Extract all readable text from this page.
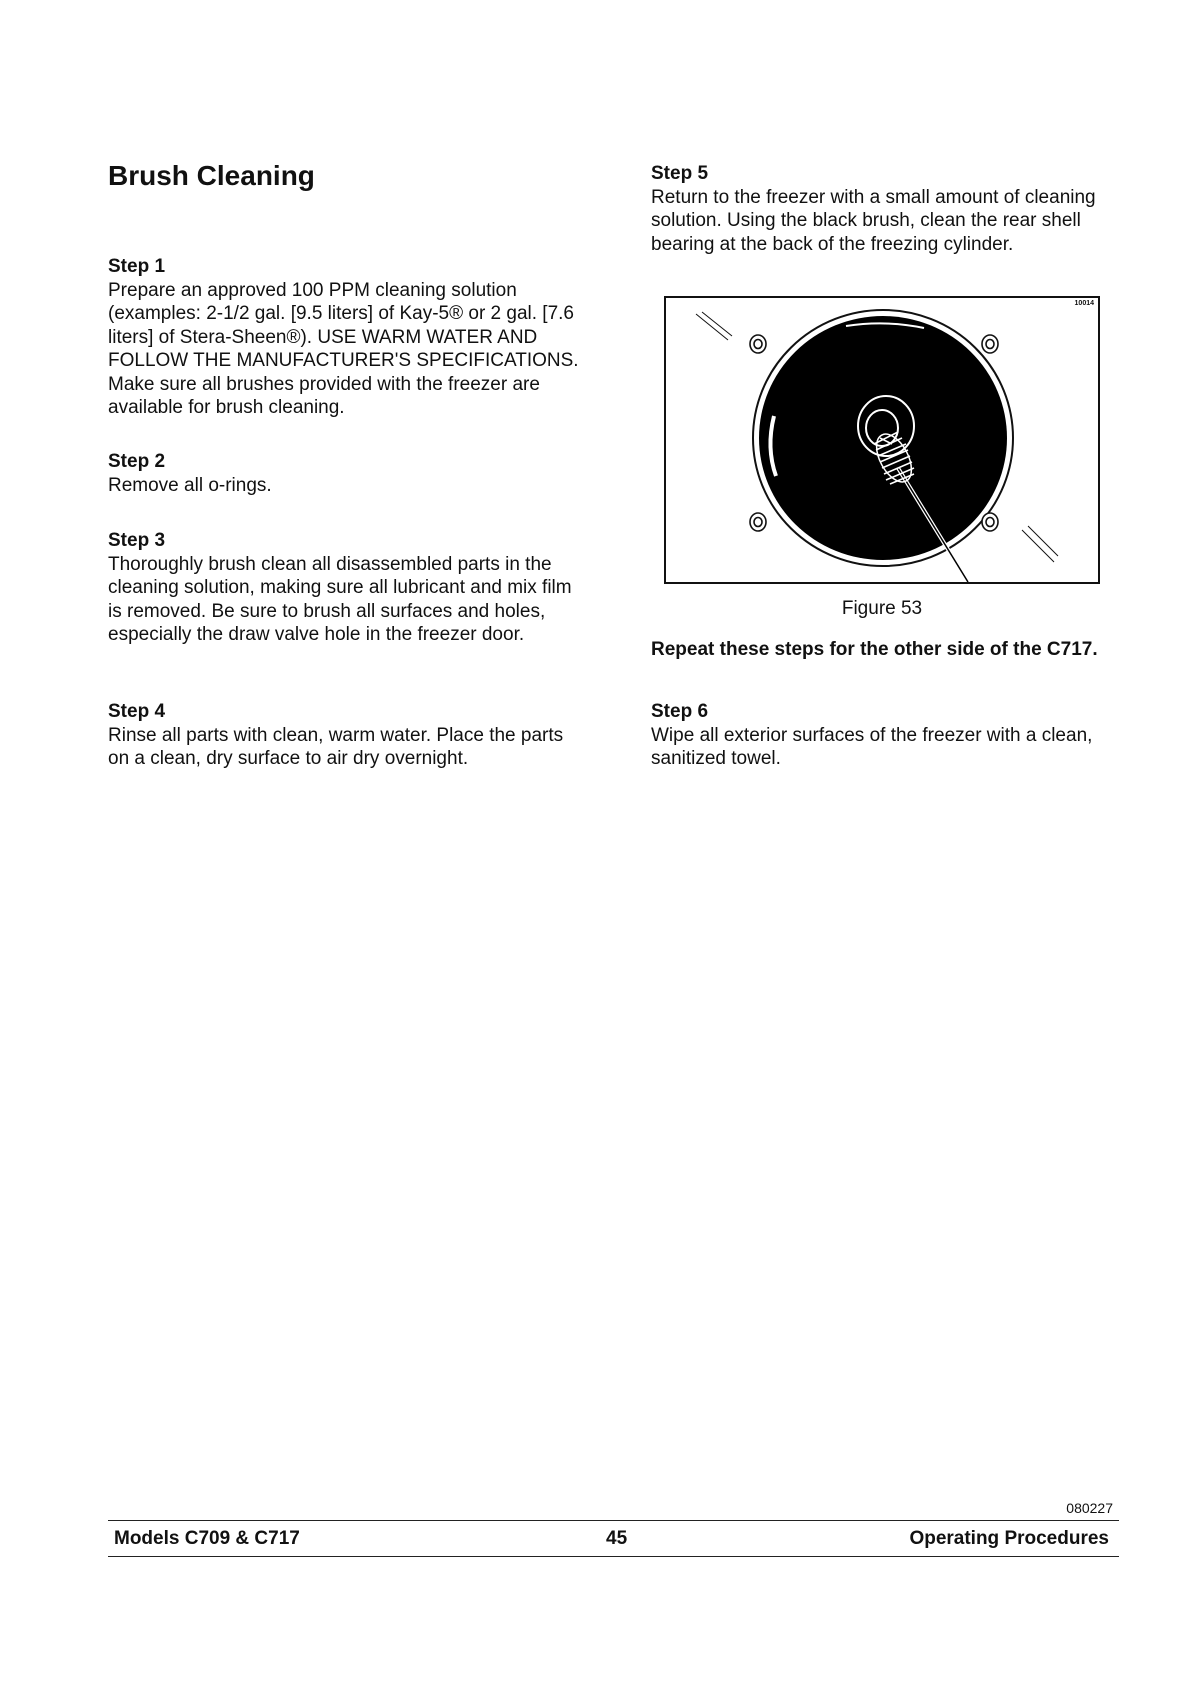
Brush Cleaning
Step 1
Prepare an approved 100 PPM cleaning solution (examples: 2-1/2 gal. [9.5 liters] of Kay-5® or 2 gal. [7.6 liters] of Stera-Sheen®). USE WARM WATER AND FOLLOW THE MANUFACTURER'S SPECIFICATIONS. Make sure all brushes provided with the freezer are available for brush cleaning.
Step 2
Remove all o-rings.
Step 3
Thoroughly brush clean all disassembled parts in the cleaning solution, making sure all lubricant and mix film is removed. Be sure to brush all surfaces and holes, especially the draw valve hole in the freezer door.
Step 4
Rinse all parts with clean, warm water. Place the parts on a clean, dry surface to air dry overnight.
Step 5
Return to the freezer with a small amount of cleaning solution. Using the black brush, clean the rear shell bearing at the back of the freezing cylinder.
10014
Figure 53
Repeat these steps for the other side of the C717.
Step 6
Wipe all exterior surfaces of the freezer with a clean, sanitized towel.
080227
Models C709 & C717	45	Operating Procedures
